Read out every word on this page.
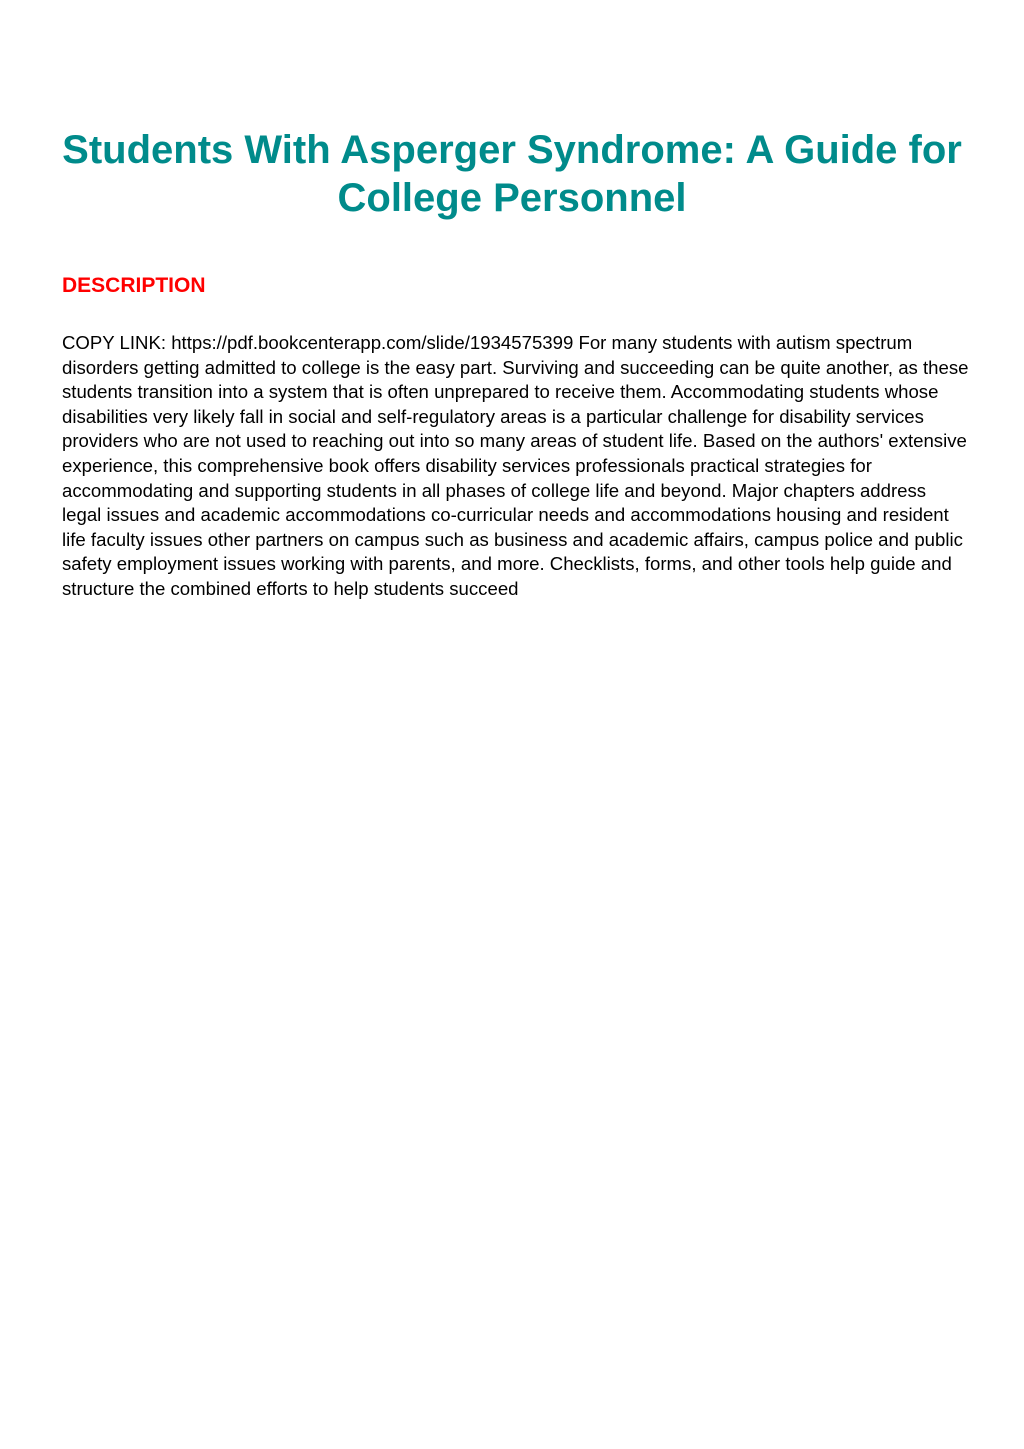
Students With Asperger Syndrome: A Guide for College Personnel
DESCRIPTION

COPY LINK: https://pdf.bookcenterapp.com/slide/1934575399 For many students with autism spectrum disorders getting admitted to college is the easy part. Surviving and succeeding can be quite another, as these students transition into a system that is often unprepared to receive them. Accommodating students whose disabilities very likely fall in social and self-regulatory areas is a particular challenge for disability services providers who are not used to reaching out into so many areas of student life. Based on the authors' extensive experience, this comprehensive book offers disability services professionals practical strategies for accommodating and supporting students in all phases of college life and beyond. Major chapters address legal issues and academic accommodations co-curricular needs and accommodations housing and resident life faculty issues other partners on campus such as business and academic affairs, campus police and public safety employment issues working with parents, and more. Checklists, forms, and other tools help guide and structure the combined efforts to help students succeed
